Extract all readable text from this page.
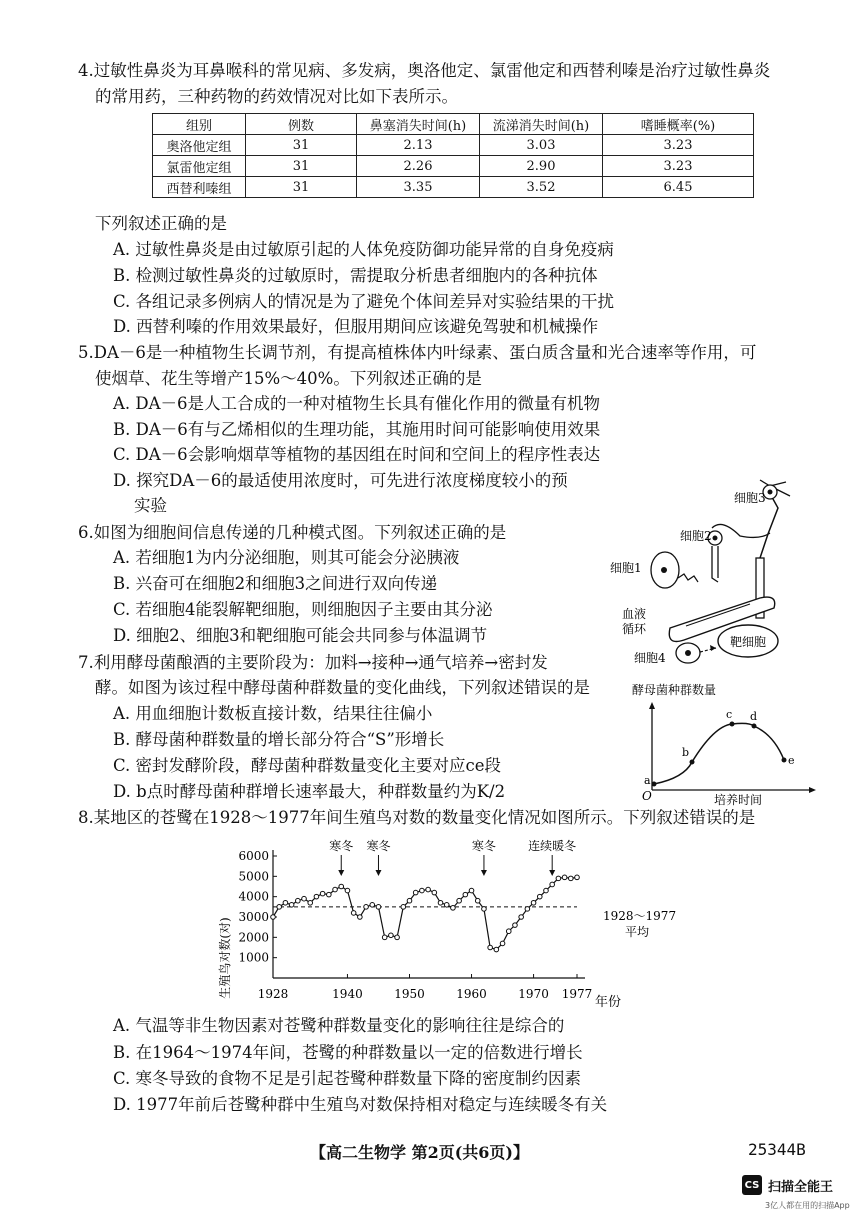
4.过敏性鼻炎为耳鼻喉科的常见病、多发病，奥洛他定、氯雷他定和西替利嗪是治疗过敏性鼻炎
的常用药，三种药物的药效情况对比如下表所示。
组别	例数	鼻塞消失时间(h)	流涕消失时间(h)	嗜睡概率(%)
奥洛他定组	31	2.13	3.03	3.23
氯雷他定组	31	2.26	2.90	3.23
西替利嗪组	31	3.35	3.52	6.45
下列叙述正确的是
A. 过敏性鼻炎是由过敏原引起的人体免疫防御功能异常的自身免疫病
B. 检测过敏性鼻炎的过敏原时，需提取分析患者细胞内的各种抗体
C. 各组记录多例病人的情况是为了避免个体间差异对实验结果的干扰
D. 西替利嗪的作用效果最好，但服用期间应该避免驾驶和机械操作
5.DA－6是一种植物生长调节剂，有提高植株体内叶绿素、蛋白质含量和光合速率等作用，可
使烟草、花生等增产15%～40%。下列叙述正确的是
A. DA－6是人工合成的一种对植物生长具有催化作用的微量有机物
B. DA－6有与乙烯相似的生理功能，其施用时间可能影响使用效果
C. DA－6会影响烟草等植物的基因组在时间和空间上的程序性表达
D. 探究DA－6的最适使用浓度时，可先进行浓度梯度较小的预
实验
6.如图为细胞间信息传递的几种模式图。下列叙述正确的是
A. 若细胞1为内分泌细胞，则其可能会分泌胰液
B. 兴奋可在细胞2和细胞3之间进行双向传递
C. 若细胞4能裂解靶细胞，则细胞因子主要由其分泌
D. 细胞2、细胞3和靶细胞可能会共同参与体温调节
细胞3
细胞2
细胞1
血液
循环
靶细胞
细胞4
7.利用酵母菌酿酒的主要阶段为：加料→接种→通气培养→密封发
酵。如图为该过程中酵母菌种群数量的变化曲线，下列叙述错误的是
A. 用血细胞计数板直接计数，结果往往偏小
B. 酵母菌种群数量的增长部分符合“S”形增长
C. 密封发酵阶段，酵母菌种群数量变化主要对应ce段
D. b点时酵母菌种群增长速率最大，种群数量约为K/2
酵母菌种群数量
O	培养时间
a
b
c d
e
8.某地区的苍鹭在1928～1977年间生殖鸟对数的数量变化情况如图所示。下列叙述错误的是
1000
2000
3000
4000
5000
6000
1928	1940	1950	1960	1970 1977
寒冬 寒冬	寒冬	连续暖冬
生殖鸟对数(对)
年份
1928～1977
平均
A. 气温等非生物因素对苍鹭种群数量变化的影响往往是综合的
B. 在1964～1974年间，苍鹭的种群数量以一定的倍数进行增长
C. 寒冬导致的食物不足是引起苍鹭种群数量下降的密度制约因素
D. 1977年前后苍鹭种群中生殖鸟对数保持相对稳定与连续暖冬有关
【高二生物学 第2页(共6页)】	25344B
CS 扫描全能王
3亿人都在用的扫描App
